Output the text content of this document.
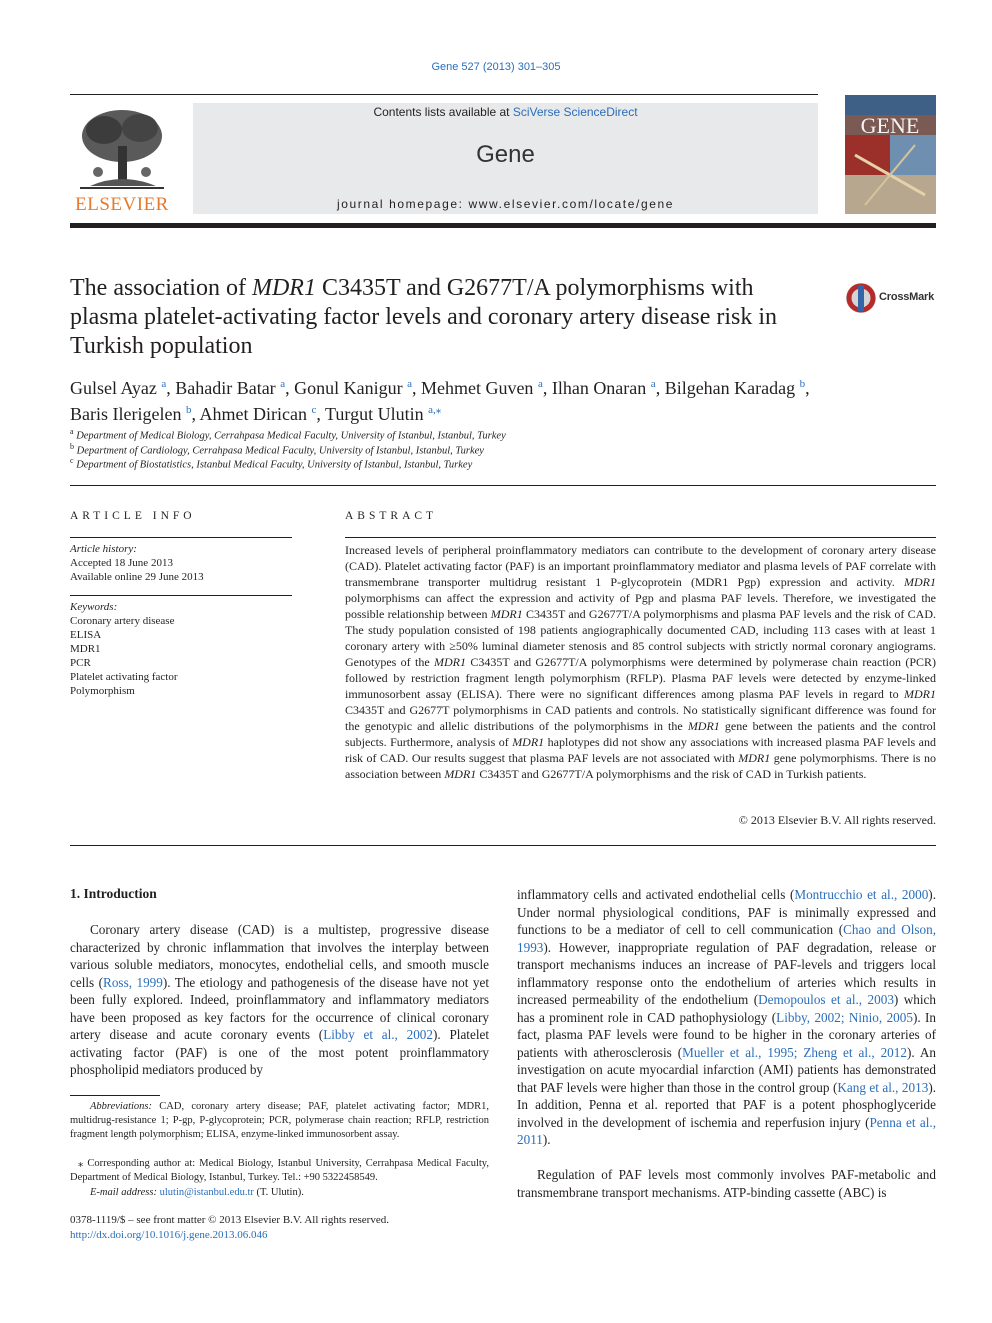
Gene 527 (2013) 301–305
ELSEVIER
Contents lists available at SciVerse ScienceDirect
Gene
journal homepage: www.elsevier.com/locate/gene
GENE
The association of MDR1 C3435T and G2677T/A polymorphisms with plasma platelet-activating factor levels and coronary artery disease risk in Turkish population
CrossMark
Gulsel Ayaz $^a$, Bahadir Batar $^a$, Gonul Kanigur $^a$, Mehmet Guven $^a$, Ilhan Onaran $^a$, Bilgehan Karadag $^b$,
Baris Ilerigelen $^b$, Ahmet Dirican $^c$, Turgut Ulutin $^{a,⁎}$
$^a$ Department of Medical Biology, Cerrahpasa Medical Faculty, University of Istanbul, Istanbul, Turkey
$^b$ Department of Cardiology, Cerrahpasa Medical Faculty, University of Istanbul, Istanbul, Turkey
$^c$ Department of Biostatistics, Istanbul Medical Faculty, University of Istanbul, Istanbul, Turkey
ARTICLE INFO
Article history:
Accepted 18 June 2013
Available online 29 June 2013
Keywords:
Coronary artery disease
ELISA
MDR1
PCR
Platelet activating factor
Polymorphism
ABSTRACT
Increased levels of peripheral proinflammatory mediators can contribute to the development of coronary artery disease (CAD). Platelet activating factor (PAF) is an important proinflammatory mediator and plasma levels of PAF correlate with transmembrane transporter multidrug resistant 1 P-glycoprotein (MDR1 Pgp) expression and activity. MDR1 polymorphisms can affect the expression and activity of Pgp and plasma PAF levels. Therefore, we investigated the possible relationship between MDR1 C3435T and G2677T/A polymorphisms and plasma PAF levels and the risk of CAD. The study population consisted of 198 patients angiographically documented CAD, including 113 cases with at least 1 coronary artery with ≥50% luminal diameter stenosis and 85 control subjects with strictly normal coronary angiograms. Genotypes of the MDR1 C3435T and G2677T/A polymorphisms were determined by polymerase chain reaction (PCR) followed by restriction fragment length polymorphism (RFLP). Plasma PAF levels were detected by enzyme-linked immunosorbent assay (ELISA). There were no significant differences among plasma PAF levels in regard to MDR1 C3435T and G2677T polymorphisms in CAD patients and controls. No statistically significant difference was found for the genotypic and allelic distributions of the polymorphisms in the MDR1 gene between the patients and the control subjects. Furthermore, analysis of MDR1 haplotypes did not show any associations with increased plasma PAF levels and risk of CAD. Our results suggest that plasma PAF levels are not associated with MDR1 gene polymorphisms. There is no association between MDR1 C3435T and G2677T/A polymorphisms and the risk of CAD in Turkish patients.
© 2013 Elsevier B.V. All rights reserved.
1. Introduction
Coronary artery disease (CAD) is a multistep, progressive disease characterized by chronic inflammation that involves the interplay between various soluble mediators, monocytes, endothelial cells, and smooth muscle cells (Ross, 1999). The etiology and pathogenesis of the disease have not yet been fully explored. Indeed, proinflammatory and inflammatory mediators have been proposed as key factors for the occurrence of clinical coronary artery disease and acute coronary events (Libby et al., 2002). Platelet activating factor (PAF) is one of the most potent proinflammatory phospholipid mediators produced by
Abbreviations: CAD, coronary artery disease; PAF, platelet activating factor; MDR1, multidrug-resistance 1; P-gp, P-glycoprotein; PCR, polymerase chain reaction; RFLP, restriction fragment length polymorphism; ELISA, enzyme-linked immunosorbent assay.
⁎ Corresponding author at: Medical Biology, Istanbul University, Cerrahpasa Medical Faculty, Department of Medical Biology, Istanbul, Turkey. Tel.: +90 5322458549.
E-mail address: ulutin@istanbul.edu.tr (T. Ulutin).
0378-1119/$ – see front matter © 2013 Elsevier B.V. All rights reserved.
http://dx.doi.org/10.1016/j.gene.2013.06.046
inflammatory cells and activated endothelial cells (Montrucchio et al., 2000). Under normal physiological conditions, PAF is minimally expressed and functions to be a mediator of cell to cell communication (Chao and Olson, 1993). However, inappropriate regulation of PAF degradation, release or transport mechanisms induces an increase of PAF-levels and triggers local inflammatory response onto the endothelium of arteries which results in increased permeability of the endothelium (Demopoulos et al., 2003) which has a prominent role in CAD pathophysiology (Libby, 2002; Ninio, 2005). In fact, plasma PAF levels were found to be higher in the coronary arteries of patients with atherosclerosis (Mueller et al., 1995; Zheng et al., 2012). An investigation on acute myocardial infarction (AMI) patients has demonstrated that PAF levels were higher than those in the control group (Kang et al., 2013). In addition, Penna et al. reported that PAF is a potent phosphoglyceride involved in the development of ischemia and reperfusion injury (Penna et al., 2011).
Regulation of PAF levels most commonly involves PAF-metabolic and transmembrane transport mechanisms. ATP-binding cassette (ABC) is
